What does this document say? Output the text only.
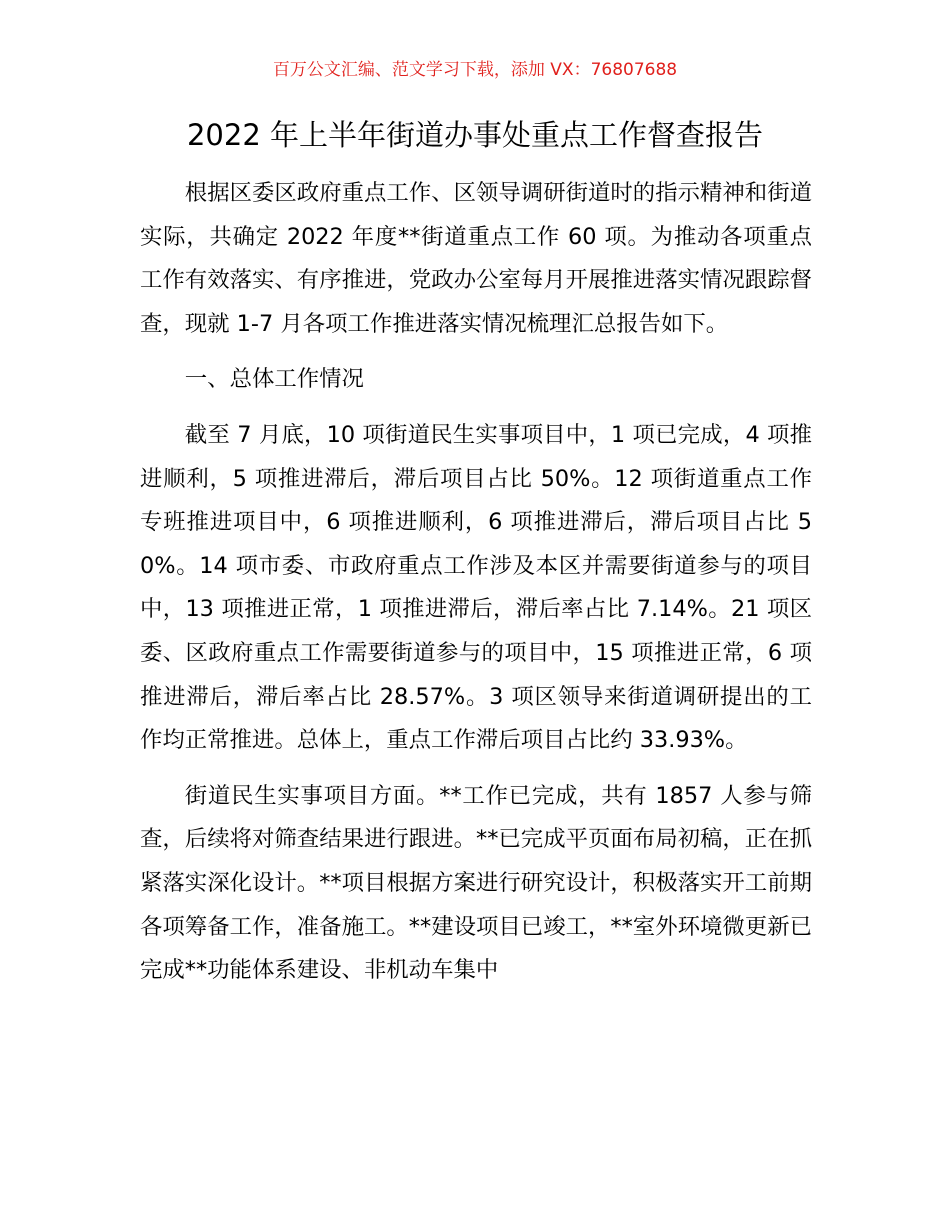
百万公文汇编、范文学习下载，添加 VX：76807688
2022 年上半年街道办事处重点工作督查报告

根据区委区政府重点工作、区领导调研街道时的指示精神和街道实际，共确定 2022 年度**街道重点工作 60 项。为推动各项重点工作有效落实、有序推进，党政办公室每月开展推进落实情况跟踪督查，现就 1-7 月各项工作推进落实情况梳理汇总报告如下。

一、总体工作情况

截至 7 月底，10 项街道民生实事项目中，1 项已完成，4 项推进顺利，5 项推进滞后，滞后项目占比 50%。12 项街道重点工作专班推进项目中，6 项推进顺利，6 项推进滞后，滞后项目占比 50%。14 项市委、市政府重点工作涉及本区并需要街道参与的项目中，13 项推进正常，1 项推进滞后，滞后率占比 7.14%。21 项区委、区政府重点工作需要街道参与的项目中，15 项推进正常，6 项推进滞后，滞后率占比 28.57%。3 项区领导来街道调研提出的工作均正常推进。总体上，重点工作滞后项目占比约 33.93%。

街道民生实事项目方面。**工作已完成，共有 1857 人参与筛查，后续将对筛查结果进行跟进。**已完成平页面布局初稿，正在抓紧落实深化设计。**项目根据方案进行研究设计，积极落实开工前期各项筹备工作，准备施工。**建设项目已竣工，**室外环境微更新已完成**功能体系建设、非机动车集中
